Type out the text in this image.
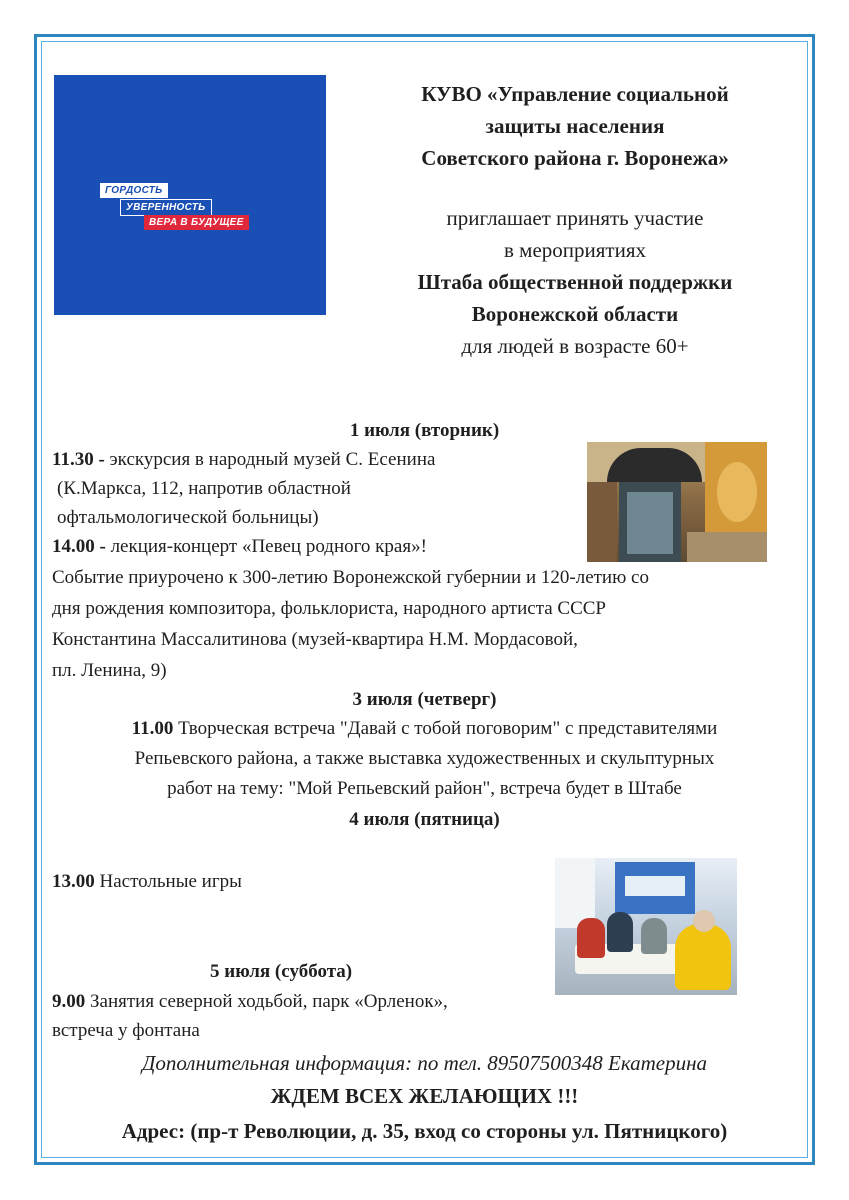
ГОРДОСТЬ
УВЕРЕННОСТЬ
ВЕРА В БУДУЩЕЕ
КУВО «Управление социальной
защиты населения
Советского района г. Воронежа»
приглашает принять участие
в мероприятиях
Штаба общественной поддержки
Воронежской области
для людей в возрасте 60+
1 июля (вторник)
11.30 - экскурсия в народный музей С. Есенина
(К.Маркса, 112, напротив областной
офтальмологической больницы)
14.00 - лекция-концерт «Певец родного края»!
Событие приурочено к 300-летию Воронежской губернии и 120-летию со
дня рождения композитора, фольклориста, народного артиста СССР
Константина Массалитинова (музей-квартира Н.М. Мордасовой,
пл. Ленина, 9)
3 июля (четверг)
11.00 Творческая встреча "Давай с тобой поговорим" с представителями
Репьевского района, а также выставка художественных и скульптурных
работ на тему: "Мой Репьевский район", встреча будет в Штабе
4 июля (пятница)
13.00 Настольные игры
5 июля (суббота)
9.00 Занятия северной ходьбой, парк «Орленок»,
встреча у фонтана
Дополнительная информация: по тел. 89507500348 Екатерина
ЖДЕМ ВСЕХ ЖЕЛАЮЩИХ !!!
Адрес: (пр-т Революции, д. 35, вход со стороны ул. Пятницкого)
